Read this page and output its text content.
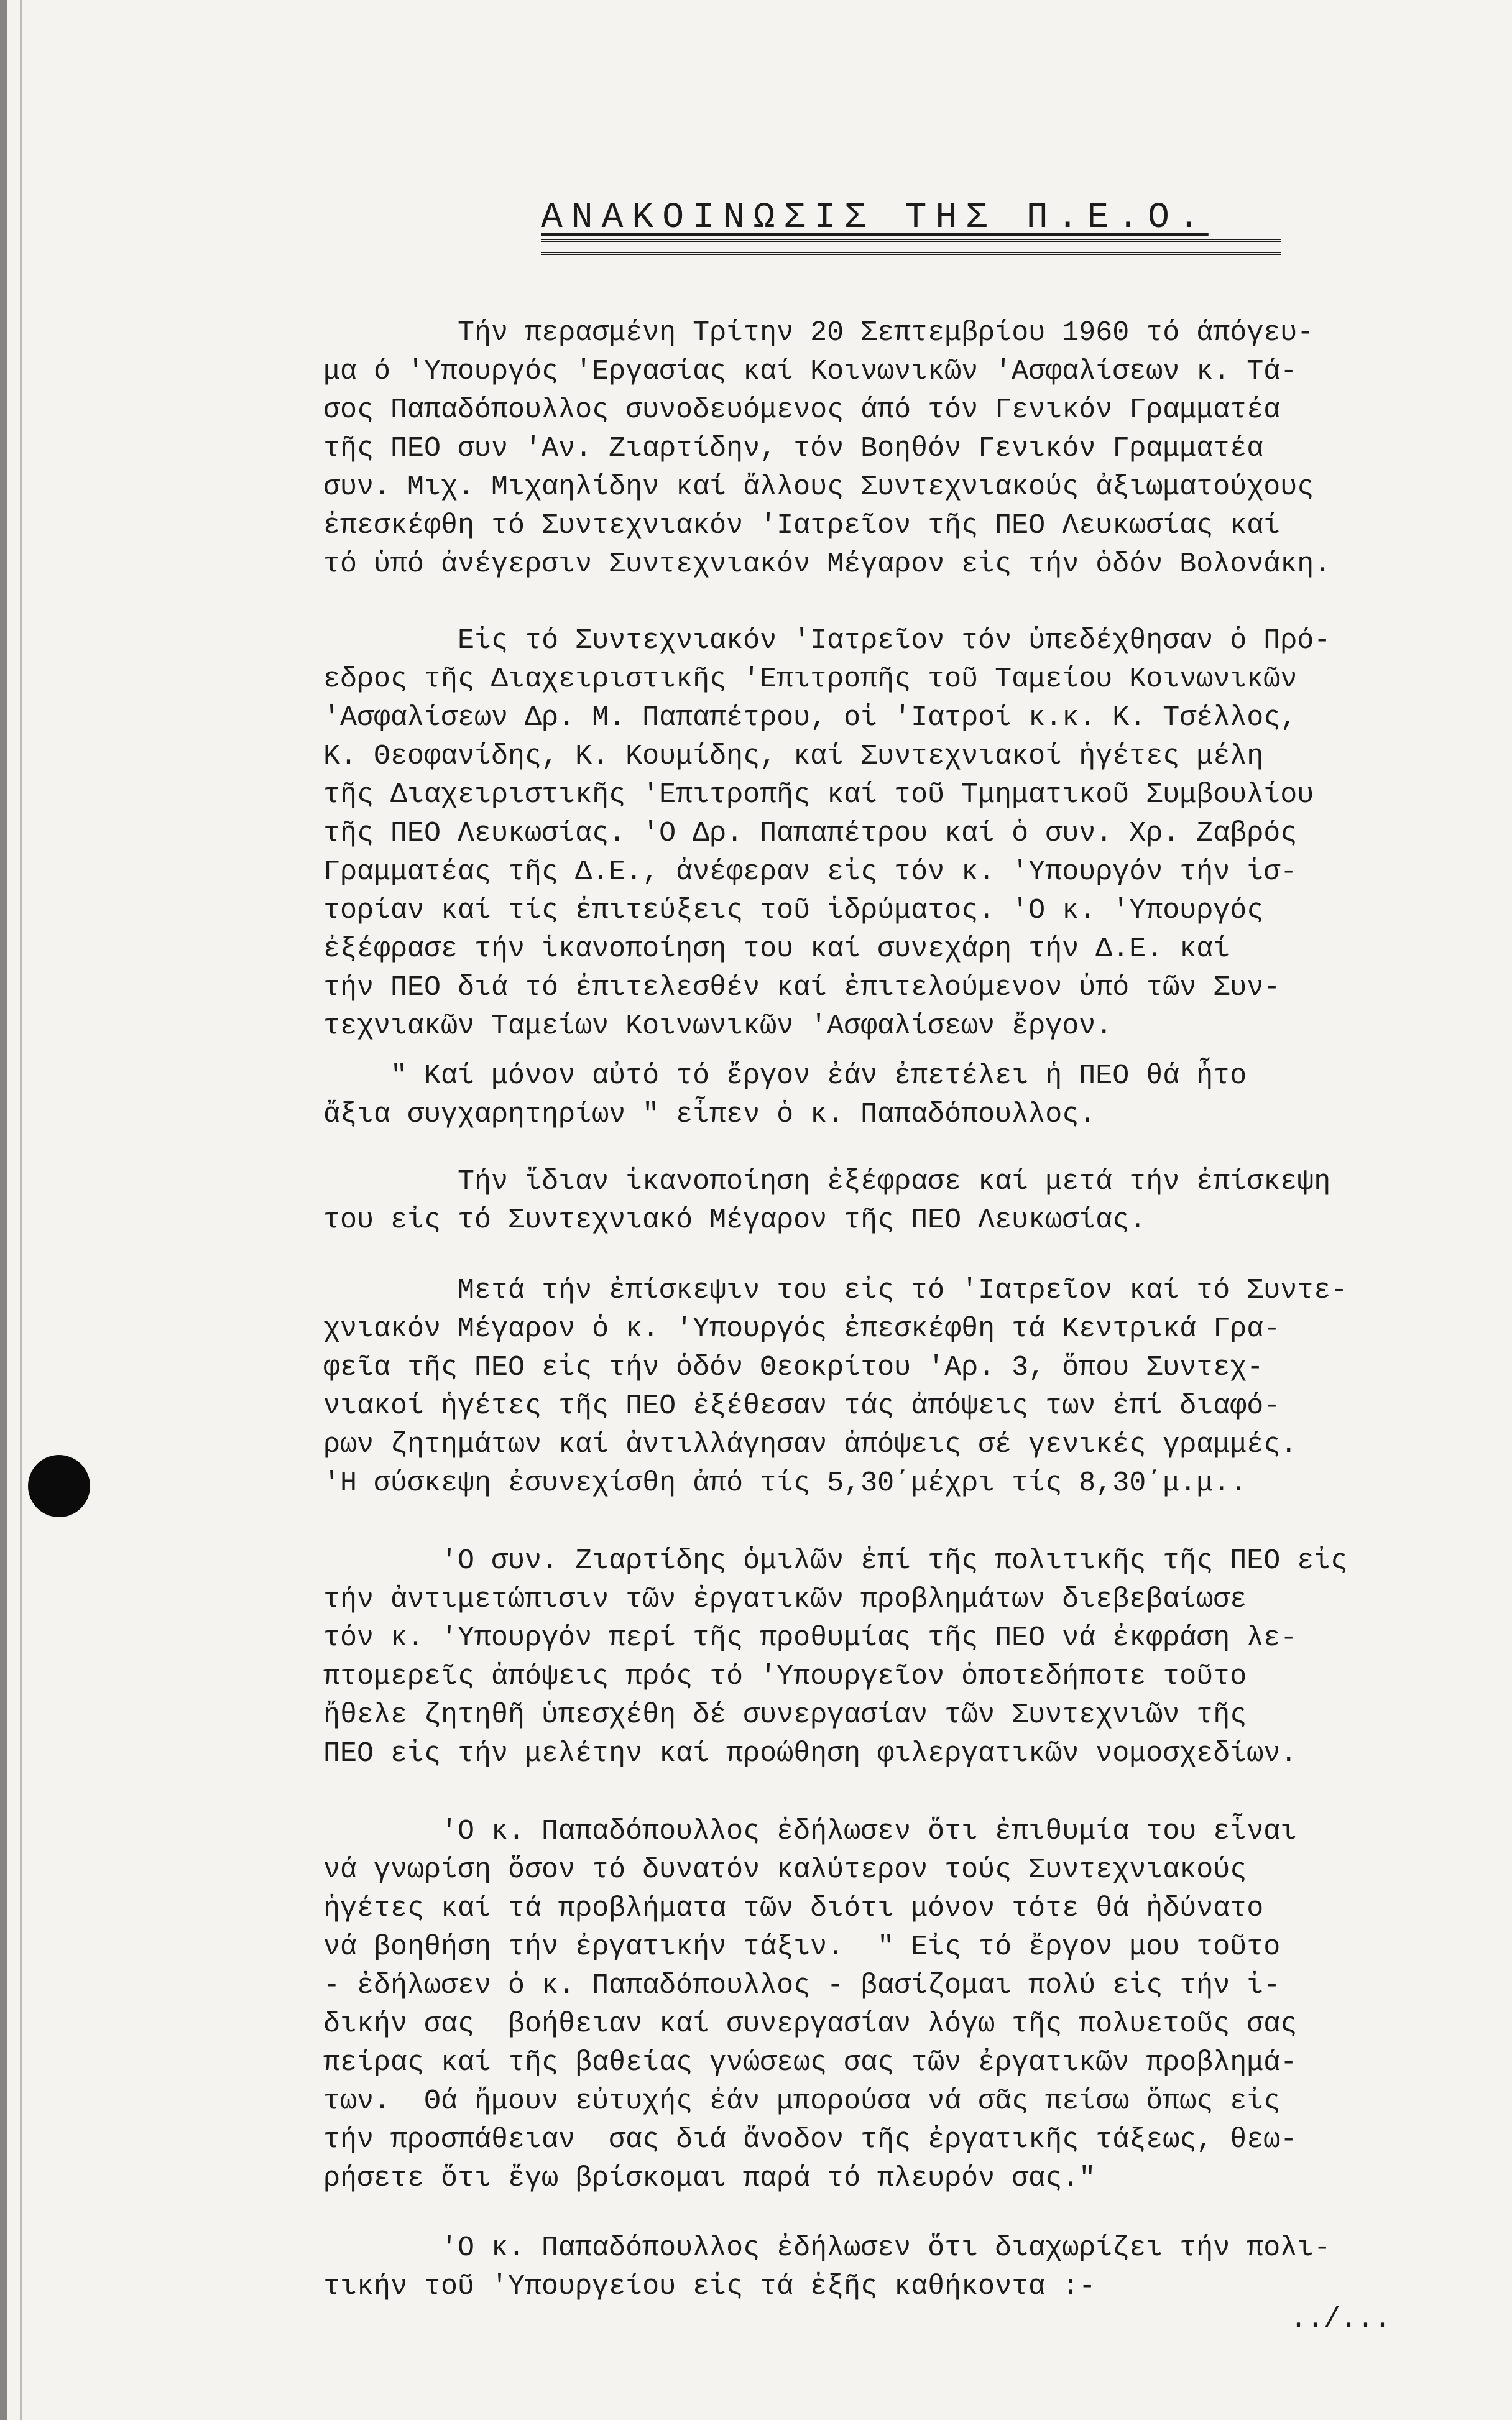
ΑΝΑΚΟΙΝΩΣΙΣ ΤΗΣ Π.Ε.Ο.

Τήν περασμένη Τρίτην 20 Σεπτεμβρίου 1960 τό άπόγευ-
μα ό 'Υπουργός 'Εργασίας καί Κοινωνικῶν 'Ασφαλίσεων κ. Τά-
σος Παπαδόπουλλος συνοδευόμενος άπό τόν Γενικόν Γραμματέα
τῆς ΠΕΟ συν 'Αν. Ζιαρτίδην, τόν Βοηθόν Γενικόν Γραμματέα
συν. Μιχ. Μιχαηλίδην καί ἄλλους Συντεχνιακούς ἀξιωματούχους
ἐπεσκέφθη τό Συντεχνιακόν 'Ιατρεῖον τῆς ΠΕΟ Λευκωσίας καί
τό ὑπό ἀνέγερσιν Συντεχνιακόν Μέγαρον εἰς τήν ὁδόν Βολονάκη.

Εἰς τό Συντεχνιακόν 'Ιατρεῖον τόν ὑπεδέχθησαν ὁ Πρό-
εδρος τῆς Διαχειριστικῆς 'Επιτροπῆς τοῦ Ταμείου Κοινωνικῶν
'Ασφαλίσεων Δρ. Μ. Παπαπέτρου, οἱ 'Ιατροί κ.κ. Κ. Τσέλλος,
Κ. Θεοφανίδης, Κ. Κουμίδης, καί Συντεχνιακοί ἡγέτες μέλη
τῆς Διαχειριστικῆς 'Επιτροπῆς καί τοῦ Τμηματικοῦ Συμβουλίου
τῆς ΠΕΟ Λευκωσίας. 'Ο Δρ. Παπαπέτρου καί ὁ συν. Χρ. Ζαβρός
Γραμματέας τῆς Δ.Ε., ἀνέφεραν εἰς τόν κ. 'Υπουργόν τήν ἱσ-
τορίαν καί τίς ἐπιτεύξεις τοῦ ἱδρύματος. 'Ο κ. 'Υπουργός
ἐξέφρασε τήν ἱκανοποίηση του καί συνεχάρη τήν Δ.Ε. καί
τήν ΠΕΟ διά τό ἐπιτελεσθέν καί ἐπιτελούμενον ὑπό τῶν Συν-
τεχνιακῶν Ταμείων Κοινωνικῶν 'Ασφαλίσεων ἔργον.

" Καί μόνον αὐτό τό ἔργον ἐάν ἐπετέλει ἡ ΠΕΟ θά ἦτο
ἄξια συγχαρητηρίων " εἶπεν ὁ κ. Παπαδόπουλλος.

Τήν ἴδιαν ἱκανοποίηση ἐξέφρασε καί μετά τήν ἐπίσκεψη
του εἰς τό Συντεχνιακό Μέγαρον τῆς ΠΕΟ Λευκωσίας.

Μετά τήν ἐπίσκεψιν του εἰς τό 'Ιατρεῖον καί τό Συντε-
χνιακόν Μέγαρον ὁ κ. 'Υπουργός ἐπεσκέφθη τά Κεντρικά Γρα-
φεῖα τῆς ΠΕΟ εἰς τήν ὁδόν Θεοκρίτου 'Αρ. 3, ὅπου Συντεχ-
νιακοί ἡγέτες τῆς ΠΕΟ ἐξέθεσαν τάς ἀπόψεις των ἐπί διαφό-
ρων ζητημάτων καί ἀντιλλάγησαν ἀπόψεις σέ γενικές γραμμές.
'Η σύσκεψη ἐσυνεχίσθη ἀπό τίς 5,30΄μέχρι τίς 8,30΄μ.μ..

'Ο συν. Ζιαρτίδης ὁμιλῶν ἐπί τῆς πολιτικῆς τῆς ΠΕΟ εἰς
τήν ἀντιμετώπισιν τῶν ἐργατικῶν προβλημάτων διεβεβαίωσε
τόν κ. 'Υπουργόν περί τῆς προθυμίας τῆς ΠΕΟ νά ἐκφράση λε-
πτομερεῖς ἀπόψεις πρός τό 'Υπουργεῖον ὁποτεδήποτε τοῦτο
ἤθελε ζητηθῆ ὑπεσχέθη δέ συνεργασίαν τῶν Συντεχνιῶν τῆς
ΠΕΟ εἰς τήν μελέτην καί προώθηση φιλεργατικῶν νομοσχεδίων.

'Ο κ. Παπαδόπουλλος ἐδήλωσεν ὅτι ἐπιθυμία του εἶναι
νά γνωρίση ὅσον τό δυνατόν καλύτερον τούς Συντεχνιακούς
ἡγέτες καί τά προβλήματα τῶν διότι μόνον τότε θά ἠδύνατο
νά βοηθήση τήν ἐργατικήν τάξιν.  " Εἰς τό ἔργον μου τοῦτο
- ἐδήλωσεν ὁ κ. Παπαδόπουλλος - βασίζομαι πολύ εἰς τήν ἰ-
δικήν σας  βοήθειαν καί συνεργασίαν λόγω τῆς πολυετοῦς σας
πείρας καί τῆς βαθείας γνώσεως σας τῶν ἐργατικῶν προβλημά-
των.  Θά ἤμουν εὐτυχής ἐάν μπορούσα νά σᾶς πείσω ὅπως εἰς
τήν προσπάθειαν  σας διά ἄνοδον τῆς ἐργατικῆς τάξεως, θεω-
ρήσετε ὅτι ἔγω βρίσκομαι παρά τό πλευρόν σας."

'Ο κ. Παπαδόπουλλος ἐδήλωσεν ὅτι διαχωρίζει τήν πολι-
τικήν τοῦ 'Υπουργείου εἰς τά ἑξῆς καθήκοντα :-

../...
